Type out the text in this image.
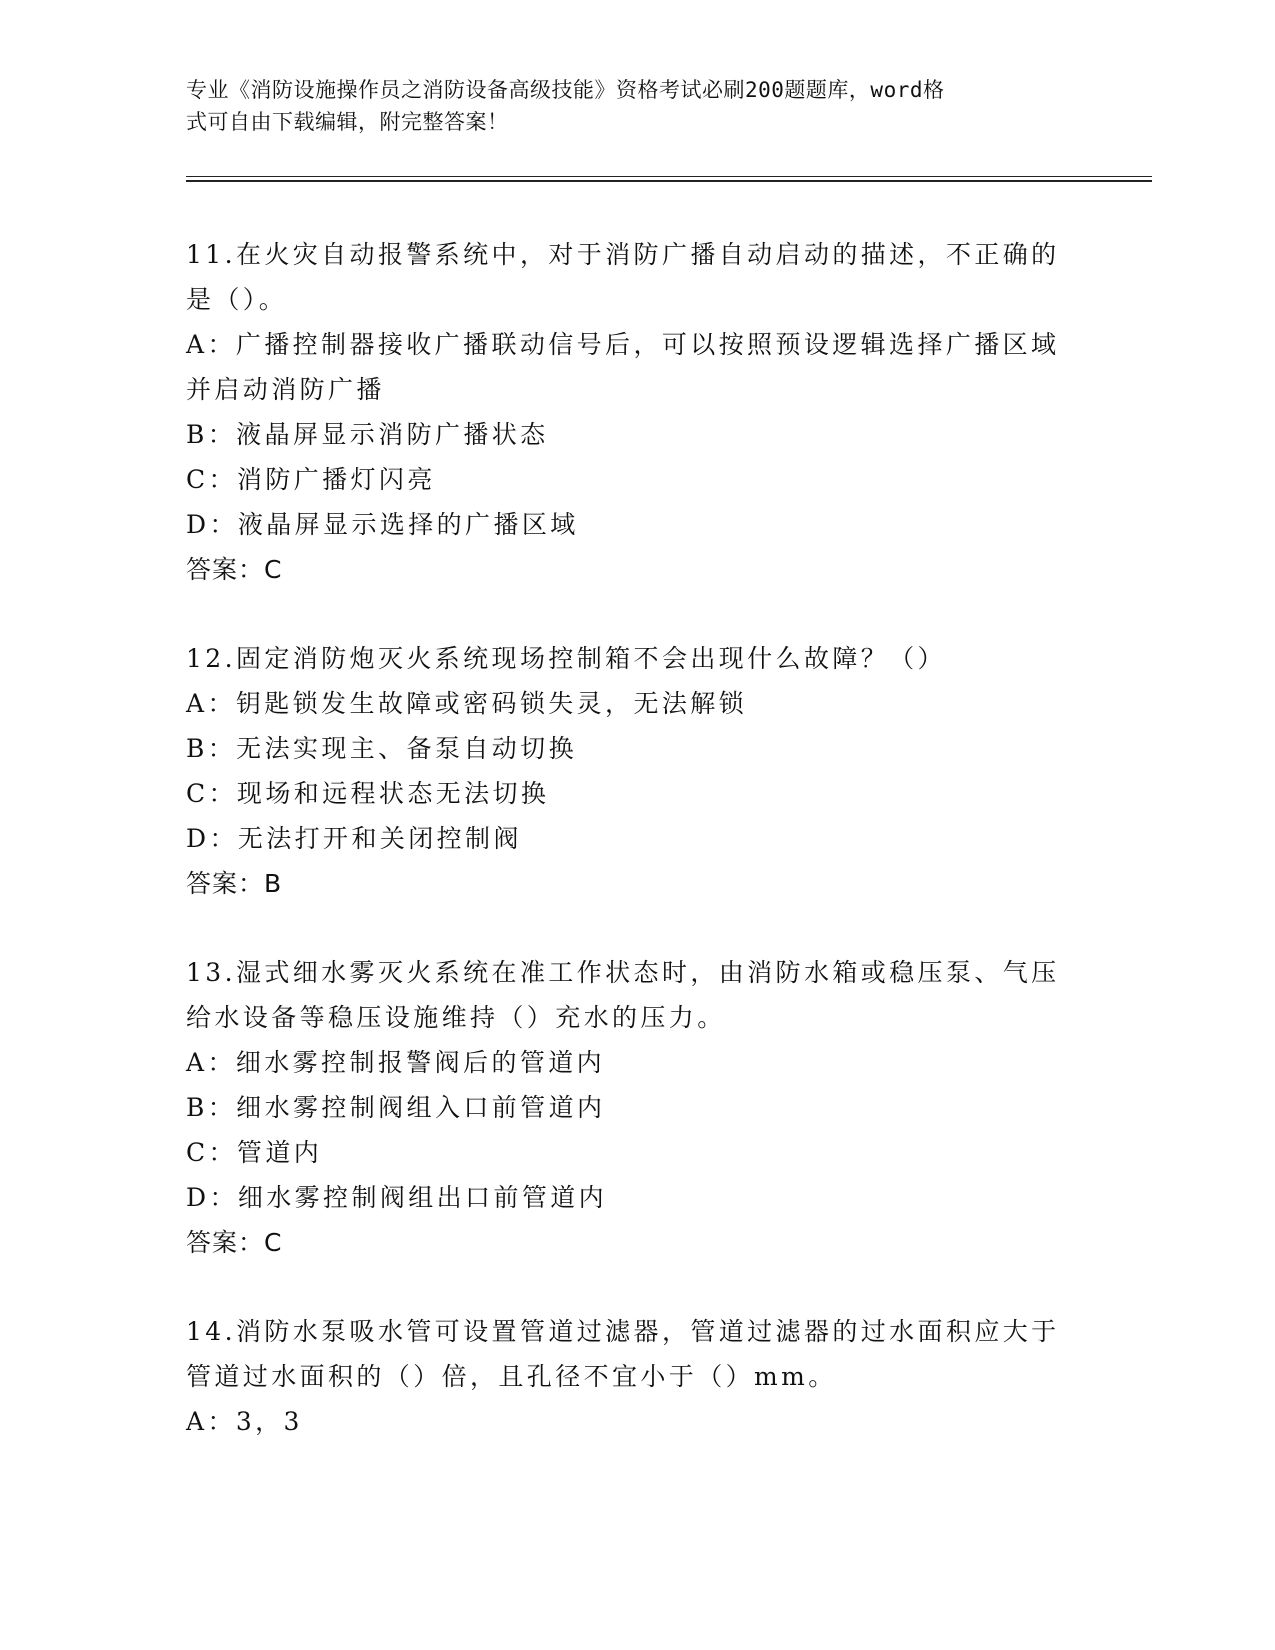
专业《消防设施操作员之消防设备高级技能》资格考试必刷200题题库，word格
式可自由下载编辑，附完整答案！
11.在火灾自动报警系统中，对于消防广播自动启动的描述，不正确的
是（）。
A：广播控制器接收广播联动信号后，可以按照预设逻辑选择广播区域
并启动消防广播
B：液晶屏显示消防广播状态
C：消防广播灯闪亮
D：液晶屏显示选择的广播区域
答案：C
12.固定消防炮灭火系统现场控制箱不会出现什么故障？（）
A：钥匙锁发生故障或密码锁失灵，无法解锁
B：无法实现主、备泵自动切换
C：现场和远程状态无法切换
D：无法打开和关闭控制阀
答案：B
13.湿式细水雾灭火系统在准工作状态时，由消防水箱或稳压泵、气压
给水设备等稳压设施维持（）充水的压力。
A：细水雾控制报警阀后的管道内
B：细水雾控制阀组入口前管道内
C：管道内
D：细水雾控制阀组出口前管道内
答案：C
14.消防水泵吸水管可设置管道过滤器，管道过滤器的过水面积应大于
管道过水面积的（）倍，且孔径不宜小于（）mm。
A：3，3
